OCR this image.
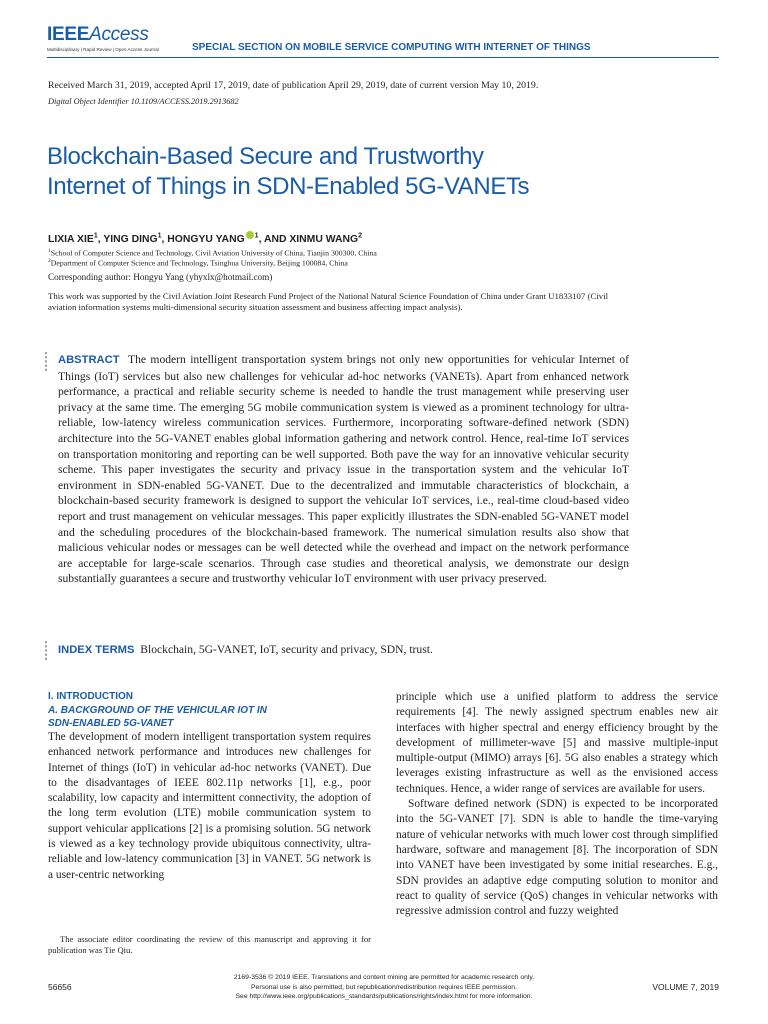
IEEEAccess
Multidisciplinary | Rapid Review | Open Access Journal	SPECIAL SECTION ON MOBILE SERVICE COMPUTING WITH INTERNET OF THINGS
Received March 31, 2019, accepted April 17, 2019, date of publication April 29, 2019, date of current version May 10, 2019.
Digital Object Identifier 10.1109/ACCESS.2019.2913682
Blockchain-Based Secure and Trustworthy
Internet of Things in SDN-Enabled 5G-VANETs
LIXIA XIE$^1$, YING DING$^1$, HONGYU YANG $^1$, AND XINMU WANG$^2$
$^1$School of Computer Science and Technology, Civil Aviation University of China, Tianjin 300300, China
$^2$Department of Computer Science and Technology, Tsinghua University, Beijing 100084, China
Corresponding author: Hongyu Yang (yhyxlx@hotmail.com)
This work was supported by the Civil Aviation Joint Research Fund Project of the National Natural Science Foundation of China under Grant U1833107 (Civil aviation information systems multi-dimensional security situation assessment and business affecting impact analysis).
ABSTRACT The modern intelligent transportation system brings not only new opportunities for vehicular Internet of Things (IoT) services but also new challenges for vehicular ad-hoc networks (VANETs). Apart from enhanced network performance, a practical and reliable security scheme is needed to handle the trust management while preserving user privacy at the same time. The emerging 5G mobile communication system is viewed as a prominent technology for ultra-reliable, low-latency wireless communication services. Furthermore, incorporating software-defined network (SDN) architecture into the 5G-VANET enables global information gathering and network control. Hence, real-time IoT services on transportation monitoring and reporting can be well supported. Both pave the way for an innovative vehicular security scheme. This paper investigates the security and privacy issue in the transportation system and the vehicular IoT environment in SDN-enabled 5G-VANET. Due to the decentralized and immutable characteristics of blockchain, a blockchain-based security framework is designed to support the vehicular IoT services, i.e., real-time cloud-based video report and trust management on vehicular messages. This paper explicitly illustrates the SDN-enabled 5G-VANET model and the scheduling procedures of the blockchain-based framework. The numerical simulation results also show that malicious vehicular nodes or messages can be well detected while the overhead and impact on the network performance are acceptable for large-scale scenarios. Through case studies and theoretical analysis, we demonstrate our design substantially guarantees a secure and trustworthy vehicular IoT environment with user privacy preserved.
INDEX TERMS Blockchain, 5G-VANET, IoT, security and privacy, SDN, trust.
I. INTRODUCTION
A. BACKGROUND OF THE VEHICULAR IOT IN
SDN-ENABLED 5G-VANET

The development of modern intelligent transportation system requires enhanced network performance and introduces new challenges for Internet of things (IoT) in vehicular ad-hoc networks (VANET). Due to the disadvantages of IEEE 802.11p networks [1], e.g., poor scalability, low capacity and intermittent connectivity, the adoption of the long term evolution (LTE) mobile communication system to support vehicular applications [2] is a promising solution. 5G network is viewed as a key technology provide ubiquitous connectivity, ultra-reliable and low-latency communication [3] in VANET. 5G network is a user-centric networking

The associate editor coordinating the review of this manuscript and approving it for publication was Tie Qiu.

principle which use a unified platform to address the service requirements [4]. The newly assigned spectrum enables new air interfaces with higher spectral and energy efficiency brought by the development of millimeter-wave [5] and massive multiple-input multiple-output (MIMO) arrays [6]. 5G also enables a strategy which leverages existing infrastructure as well as the envisioned access techniques. Hence, a wider range of services are available for users.

Software defined network (SDN) is expected to be incorporated into the 5G-VANET [7]. SDN is able to handle the time-varying nature of vehicular networks with much lower cost through simplified hardware, software and management [8]. The incorporation of SDN into VANET have been investigated by some initial researches. E.g., SDN provides an adaptive edge computing solution to monitor and react to quality of service (QoS) changes in vehicular networks with regressive admission control and fuzzy weighted

56656
2169-3536 © 2019 IEEE. Translations and content mining are permitted for academic research only.
Personal use is also permitted, but republication/redistribution requires IEEE permission.
See http://www.ieee.org/publications_standards/publications/rights/index.html for more information.
VOLUME 7, 2019
